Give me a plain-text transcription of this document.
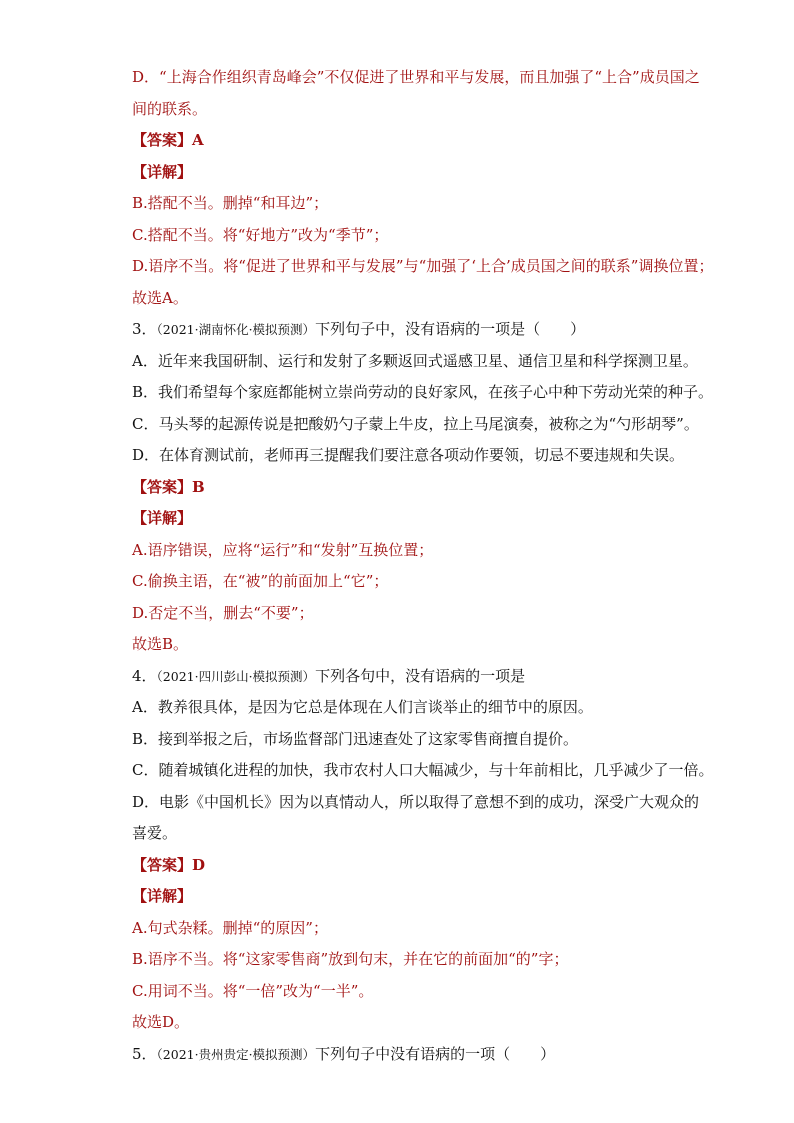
D．“上海合作组织青岛峰会”不仅促进了世界和平与发展，而且加强了“上合”成员国之

间的联系。

【答案】A

【详解】

B.搭配不当。删掉“和耳边”；

C.搭配不当。将“好地方”改为“季节”；

D.语序不当。将“促进了世界和平与发展”与“加强了‘上合’成员国之间的联系”调换位置；

故选A。

3．（2021·湖南怀化·模拟预测）下列句子中，没有语病的一项是（　　）

A．近年来我国研制、运行和发射了多颗返回式遥感卫星、通信卫星和科学探测卫星。

B．我们希望每个家庭都能树立崇尚劳动的良好家风，在孩子心中种下劳动光荣的种子。

C．马头琴的起源传说是把酸奶勺子蒙上牛皮，拉上马尾演奏，被称之为“勺形胡琴”。

D．在体育测试前，老师再三提醒我们要注意各项动作要领，切忌不要违规和失误。

【答案】B

【详解】

A.语序错误，应将“运行”和“发射”互换位置；

C.偷换主语，在“被”的前面加上“它”；

D.否定不当，删去“不要”；

故选B。

4．（2021·四川彭山·模拟预测）下列各句中，没有语病的一项是

A．教养很具体，是因为它总是体现在人们言谈举止的细节中的原因。

B．接到举报之后，市场监督部门迅速查处了这家零售商擅自提价。

C．随着城镇化进程的加快，我市农村人口大幅减少，与十年前相比，几乎减少了一倍。

D．电影《中国机长》因为以真情动人，所以取得了意想不到的成功，深受广大观众的

喜爱。

【答案】D

【详解】

A.句式杂糅。删掉“的原因”；

B.语序不当。将“这家零售商”放到句末，并在它的前面加“的”字；

C.用词不当。将“一倍”改为“一半”。

故选D。

5．（2021·贵州贵定·模拟预测）下列句子中没有语病的一项（　　）
